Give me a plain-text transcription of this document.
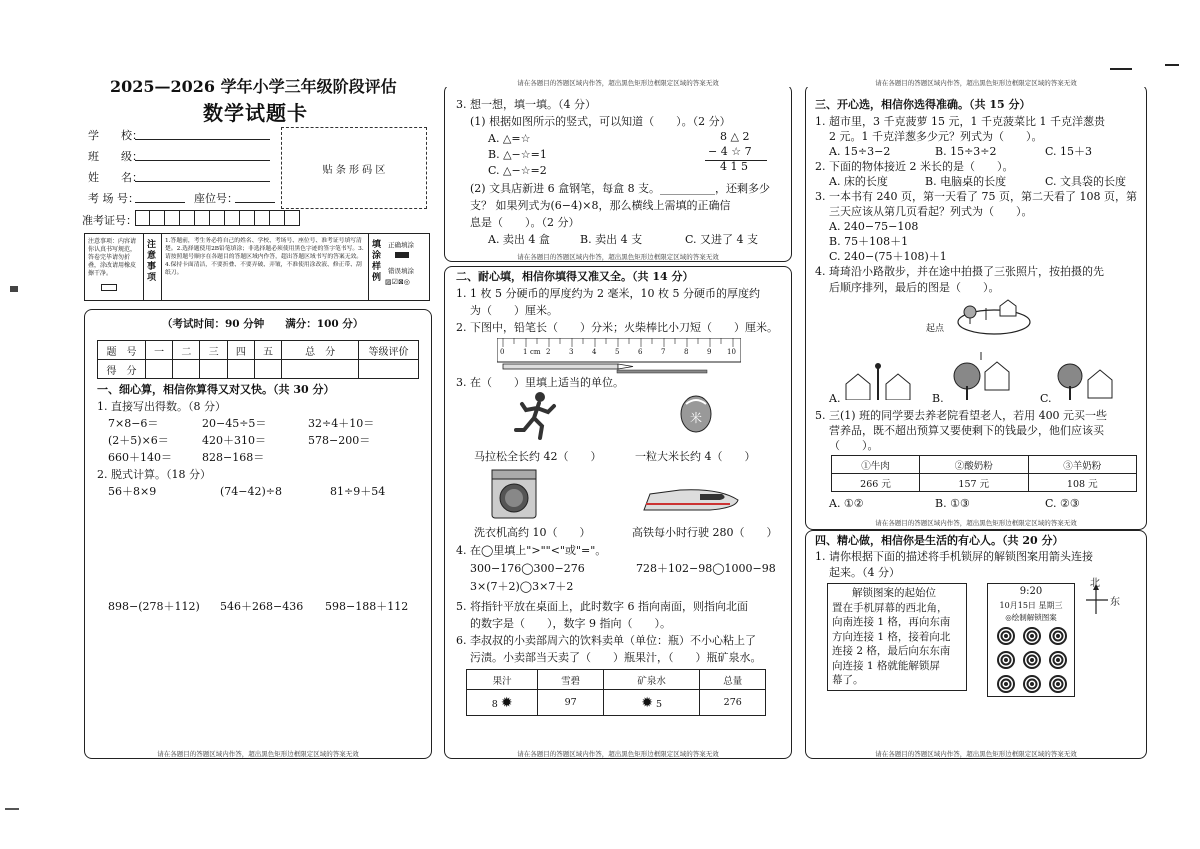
2025—2026 学年小学三年级阶段评估
数学试题卡
学　　校：
班　　级：
姓　　名：
考 场 号：	座位号：
贴 条 形 码 区
准考证号：
注意事项：内容请你认真书写规范，答卷完毕请勿折叠，涂改请用橡皮擦干净。
注意事项
1.答题前，考生务必将自己的姓名、学校、考场号、座位号、准考证号填写清楚。2.选择题使用2B铅笔填涂；非选择题必须使用黑色字迹的签字笔书写。3.请按照题号顺序在各题目的答题区域内作答，超出答题区域书写的答案无效。4.保持卡面清洁，不要折叠、不要弄破、弄皱，不准使用涂改液、修正带、刮纸刀。
填涂样例
正确填涂
错误填涂
▨☑⊠◎
（考试时间：90 分钟　　满分：100 分）
题　号	一	二	三	四	五	总　分	等级评价
得　分							
一、细心算，相信你算得又对又快。（共 30 分）
1. 直接写出得数。（8 分）
7×8−6＝	20−45÷5＝	32÷4＋10＝
(2＋5)×6＝	420＋310＝	578−200＝
660＋140＝	828−168＝
2. 脱式计算。（18 分）
56＋8×9	(74−42)÷8	81÷9＋54
898−(278＋112) 546＋268−436 598−188＋112
请在各题目的答题区域内作答，超出黑色矩形边框限定区域的答案无效
请在各题目的答题区域内作答，超出黑色矩形边框限定区域的答案无效
3. 想一想，填一填。（4 分）
(1) 根据如图所示的竖式，可以知道（　　）。（2 分）
A. △=☆
B. △−☆=1
C. △−☆=2
8 △ 2
− 4 ☆ 7
4 1 5
(2) 文具店新进 6 盒钢笔，每盒 8 支。__________，还剩多少
支？ 如果列式为(6−4)×8，那么横线上需填的正确信
息是（　　）。（2 分）
A. 卖出 4 盒	B. 卖出 4 支	C. 又进了 4 支
请在各题目的答题区域内作答，超出黑色矩形边框限定区域的答案无效
二、耐心填，相信你填得又准又全。（共 14 分）
1. 1 枚 5 分硬币的厚度约为 2 毫米，10 枚 5 分硬币的厚度约
为（　　）厘米。
2. 下图中，铅笔长（　　）分米；火柴棒比小刀短（　　）厘米。
0	1 cm 2	3	4	5	6	7	8	9 10
3. 在（　　）里填上适当的单位。
米
马拉松全长约 42（　　）	一粒大米长约 4（　　）
洗衣机高约 10（　　）	高铁每小时行驶 280（　　）
4. 在◯里填上">""<"或"="。
300−176◯300−276	728＋102−98◯1000−98
3×(7＋2)◯3×7＋2
5. 将指针平放在桌面上，此时数字 6 指向南面，则指向北面
的数字是（　　），数字 9 指向（　　）。
6. 李叔叔的小卖部周六的饮料卖单（单位：瓶）不小心粘上了
污渍。小卖部当天卖了（　　）瓶果汁，（　　）瓶矿泉水。
果汁	雪碧	矿泉水	总量
8 ✹	97	✹ 5	276
请在各题目的答题区域内作答，超出黑色矩形边框限定区域的答案无效
请在各题目的答题区域内作答，超出黑色矩形边框限定区域的答案无效
三、开心选，相信你选得准确。（共 15 分）
1. 超市里，3 千克菠萝 15 元，1 千克菠菜比 1 千克洋葱贵
2 元。1 千克洋葱多少元？列式为（　　）。
A. 15÷3−2	B. 15÷3÷2	C. 15＋3
2. 下面的物体接近 2 米长的是（　　）。
A. 床的长度	B. 电脑桌的长度	C. 文具袋的长度
3. 一本书有 240 页，第一天看了 75 页，第二天看了 108 页，第
三天应该从第几页看起？列式为（　　）。
A. 240−75−108
B. 75＋108＋1
C. 240−(75＋108)＋1
4. 琦琦沿小路散步，并在途中拍摄了三张照片，按拍摄的先
后顺序排列，最后的图是（　　）。
起点
A.	B.	C.
5. 三(1) 班的同学要去养老院看望老人，若用 400 元买一些
营养品，既不超出预算又要使剩下的钱最少，他们应该买
（　　）。
①牛肉	②酸奶粉	③羊奶粉
266 元	157 元	108 元
A. ①②	B. ①③	C. ②③
请在各题目的答题区域内作答，超出黑色矩形边框限定区域的答案无效
四、精心做，相信你是生活的有心人。（共 20 分）
1. 请你根据下面的描述将手机锁屏的解锁图案用箭头连接
起来。（4 分）
解锁图案的起始位
置在手机屏幕的西北角，
向南连接 1 格，再向东南
方向连接 1 格，接着向北
连接 2 格，最后向东东南
向连接 1 格就能解锁屏
幕了。
9:20
10月15日 星期三
◎绘制解锁图案
北
东
请在各题目的答题区域内作答，超出黑色矩形边框限定区域的答案无效
